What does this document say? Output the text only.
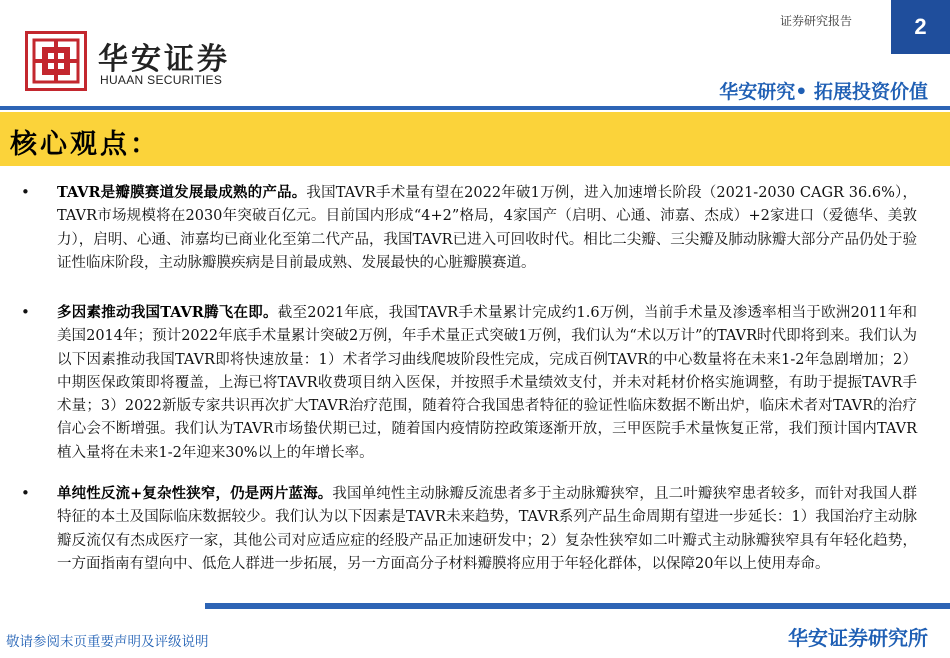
华安证券
HUAAN SECURITIES
证券研究报告	2
华安研究• 拓展投资价值
核心观点：
• TAVR是瓣膜赛道发展最成熟的产品。我国TAVR手术量有望在2022年破1万例，进入加速增长阶段（2021-2030 CAGR 36.6%），TAVR市场规模将在2030年突破百亿元。目前国内形成“4+2”格局，4家国产（启明、心通、沛嘉、杰成）+2家进口（爱德华、美敦力），启明、心通、沛嘉均已商业化至第二代产品，我国TAVR已进入可回收时代。相比二尖瓣、三尖瓣及肺动脉瓣大部分产品仍处于验证性临床阶段，主动脉瓣膜疾病是目前最成熟、发展最快的心脏瓣膜赛道。
• 多因素推动我国TAVR腾飞在即。截至2021年底，我国TAVR手术量累计完成约1.6万例，当前手术量及渗透率相当于欧洲2011年和美国2014年；预计2022年底手术量累计突破2万例，年手术量正式突破1万例，我们认为“术以万计”的TAVR时代即将到来。我们认为以下因素推动我国TAVR即将快速放量：1）术者学习曲线爬坡阶段性完成，完成百例TAVR的中心数量将在未来1-2年急剧增加；2）中期医保政策即将覆盖，上海已将TAVR收费项目纳入医保，并按照手术量绩效支付，并未对耗材价格实施调整，有助于提振TAVR手术量；3）2022新版专家共识再次扩大TAVR治疗范围，随着符合我国患者特征的验证性临床数据不断出炉，临床术者对TAVR的治疗信心会不断增强。我们认为TAVR市场蛰伏期已过，随着国内疫情防控政策逐渐开放，三甲医院手术量恢复正常，我们预计国内TAVR植入量将在未来1-2年迎来30%以上的年增长率。
• 单纯性反流+复杂性狭窄，仍是两片蓝海。我国单纯性主动脉瓣反流患者多于主动脉瓣狭窄，且二叶瓣狭窄患者较多，而针对我国人群特征的本土及国际临床数据较少。我们认为以下因素是TAVR未来趋势，TAVR系列产品生命周期有望进一步延长：1）我国治疗主动脉瓣反流仅有杰成医疗一家，其他公司对应适应症的经股产品正加速研发中；2）复杂性狭窄如二叶瓣式主动脉瓣狭窄具有年轻化趋势，一方面指南有望向中、低危人群进一步拓展，另一方面高分子材料瓣膜将应用于年轻化群体，以保障20年以上使用寿命。
敬请参阅末页重要声明及评级说明	华安证券研究所
